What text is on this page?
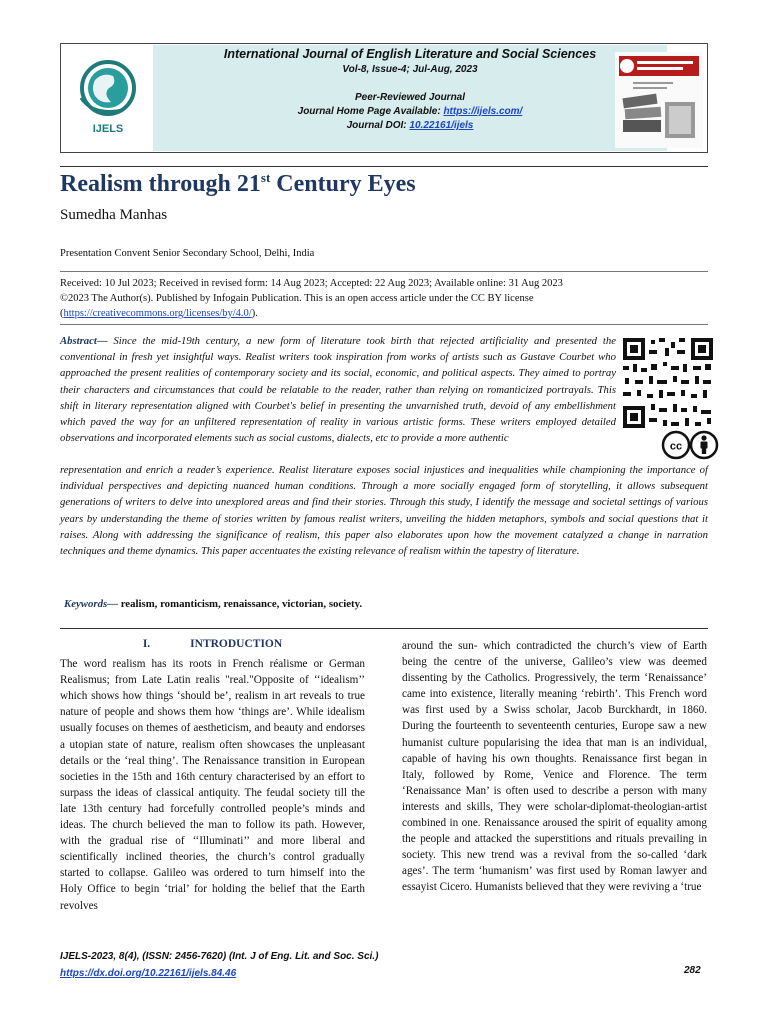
IJELS
International Journal of English Literature and Social Sciences
Vol-8, Issue-4; Jul-Aug, 2023
Peer-Reviewed Journal
Journal Home Page Available: https://ijels.com/
Journal DOI: 10.22161/ijels
Realism through 21st Century Eyes
Sumedha Manhas
Presentation Convent Senior Secondary School, Delhi, India
Received: 10 Jul 2023; Received in revised form: 14 Aug 2023; Accepted: 22 Aug 2023; Available online: 31 Aug 2023
©2023 The Author(s). Published by Infogain Publication. This is an open access article under the CC BY license
(https://creativecommons.org/licenses/by/4.0/).
Abstract— Since the mid-19th century, a new form of literature took birth that rejected artificiality and presented the conventional in fresh yet insightful ways. Realist writers took inspiration from works of artists such as Gustave Courbet who approached the present realities of contemporary society and its social, economic, and political aspects. They aimed to portray their characters and circumstances that could be relatable to the reader, rather than relying on romanticized portrayals. This shift in literary representation aligned with Courbet's belief in presenting the unvarnished truth, devoid of any embellishment which paved the way for an unfiltered representation of reality in various artistic forms. These writers employed detailed observations and incorporated elements such as social customs, dialects, etc to provide a more authentic
representation and enrich a reader’s experience. Realist literature exposes social injustices and inequalities while championing the importance of individual perspectives and depicting nuanced human conditions. Through a more socially engaged form of storytelling, it allows subsequent generations of writers to delve into unexplored areas and find their stories. Through this study, I identify the message and societal settings of various years by understanding the theme of stories written by famous realist writers, unveiling the hidden metaphors, symbols and social questions that it raises. Along with addressing the significance of realism, this paper also elaborates upon how the movement catalyzed a change in narration techniques and theme dynamics. This paper accentuates the existing relevance of realism within the tapestry of literature.
cc
Keywords— realism, romanticism, renaissance, victorian, society.
I.	INTRODUCTION

The word realism has its roots in French réalisme or German Realismus; from Late Latin realis "real."Opposite of ‘‘idealism’’ which shows how things ‘should be’, realism in art reveals to true nature of people and shows them how ‘things are’. While idealism usually focuses on themes of aestheticism, and beauty and endorses a utopian state of nature, realism often showcases the unpleasant details or the ‘real thing’. The Renaissance transition in European societies in the 15th and 16th century characterised by an effort to surpass the ideas of classical antiquity. The feudal society till the late 13th century had forcefully controlled people’s minds and ideas. The church believed the man to follow its path. However, with the gradual rise of ‘‘Illuminati’’ and more liberal and scientifically inclined theories, the church’s control gradually started to collapse. Galileo was ordered to turn himself into the Holy Office to begin ‘trial’ for holding the belief that the Earth revolves

around the sun- which contradicted the church’s view of Earth being the centre of the universe, Galileo’s view was deemed dissenting by the Catholics. Progressively, the term ‘Renaissance’ came into existence, literally meaning ‘rebirth’. This French word was first used by a Swiss scholar, Jacob Burckhardt, in 1860. During the fourteenth to seventeenth centuries, Europe saw a new humanist culture popularising the idea that man is an individual, capable of having his own thoughts. Renaissance first began in Italy, followed by Rome, Venice and Florence. The term ‘Renaissance Man’ is often used to describe a person with many interests and skills, They were scholar-diplomat-theologian-artist combined in one. Renaissance aroused the spirit of equality among the people and attacked the superstitions and rituals prevailing in society. This new trend was a revival from the so-called ‘dark ages’. The term ‘humanism’ was first used by Roman lawyer and essayist Cicero. Humanists believed that they were reviving a ‘true

IJELS-2023, 8(4), (ISSN: 2456-7620) (Int. J of Eng. Lit. and Soc. Sci.)
https://dx.doi.org/10.22161/ijels.84.46	282
